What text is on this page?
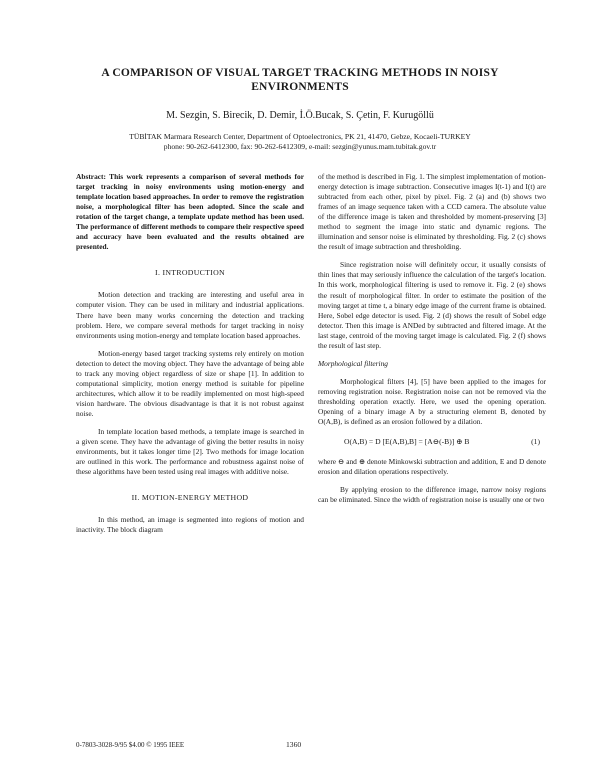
A COMPARISON OF VISUAL TARGET TRACKING METHODS IN NOISY ENVIRONMENTS
M. Sezgin, S. Birecik, D. Demir, İ.Ö.Bucak, S. Çetin, F. Kurugöllü
TÜBİTAK Marmara Research Center, Department of Optoelectronics, PK 21, 41470, Gebze, Kocaeli-TURKEY
phone: 90-262-6412300, fax: 90-262-6412309, e-mail: sezgin@yunus.mam.tubitak.gov.tr

Abstract: This work represents a comparison of several methods for target tracking in noisy environments using motion-energy and template location based approaches. In order to remove the registration noise, a morphological filter has been adopted. Since the scale and rotation of the target change, a template update method has been used. The performance of different methods to compare their respective speed and accuracy have been evaluated and the results obtained are presented.

I. INTRODUCTION

Motion detection and tracking are interesting and useful area in computer vision. They can be used in military and industrial applications. There have been many works concerning the detection and tracking problem. Here, we compare several methods for target tracking in noisy environments using motion-energy and template location based approaches.

Motion-energy based target tracking systems rely entirely on motion detection to detect the moving object. They have the advantage of being able to track any moving object regardless of size or shape [1]. In addition to computational simplicity, motion energy method is suitable for pipeline architectures, which allow it to be readily implemented on most high-speed vision hardware. The obvious disadvantage is that it is not robust against noise.

In template location based methods, a template image is searched in a given scene. They have the advantage of giving the better results in noisy environments, but it takes longer time [2]. Two methods for image location are outlined in this work. The performance and robustness against noise of these algorithms have been tested using real images with additive noise.

II. MOTION-ENERGY METHOD

In this method, an image is segmented into regions of motion and inactivity. The block diagram

of the method is described in Fig. 1. The simplest implementation of motion-energy detection is image subtraction. Consecutive images I(t-1) and I(t) are subtracted from each other, pixel by pixel. Fig. 2 (a) and (b) shows two frames of an image sequence taken with a CCD camera. The absolute value of the difference image is taken and thresholded by moment-preserving [3] method to segment the image into static and dynamic regions. The illumination and sensor noise is eliminated by thresholding. Fig. 2 (c) shows the result of image subtraction and thresholding.

Since registration noise will definitely occur, it usually consists of thin lines that may seriously influence the calculation of the target's location. In this work, morphological filtering is used to remove it. Fig. 2 (e) shows the result of morphological filter. In order to estimate the position of the moving target at time t, a binary edge image of the current frame is obtained. Here, Sobel edge detector is used. Fig. 2 (d) shows the result of Sobel edge detector. Then this image is ANDed by subtracted and filtered image. At the last stage, centroid of the moving target image is calculated. Fig. 2 (f) shows the result of last step.

Morphological filtering

Morphological filters [4], [5] have been applied to the images for removing registration noise. Registration noise can not be removed via the thresholding operation exactly. Here, we used the opening operation. Opening of a binary image A by a structuring element B, denoted by O(A,B), is defined as an erosion followed by a dilation.

O(A,B) = D [E(A,B),B] = [A⊖(-B)] ⊕ B	(1)

where ⊖ and ⊕ denote Minkowski subtraction and addition, E and D denote erosion and dilation operations respectively.

By applying erosion to the difference image, narrow noisy regions can be eliminated. Since the width of registration noise is usually one or two

0-7803-3028-9/95 $4.00 © 1995 IEEE	1360
